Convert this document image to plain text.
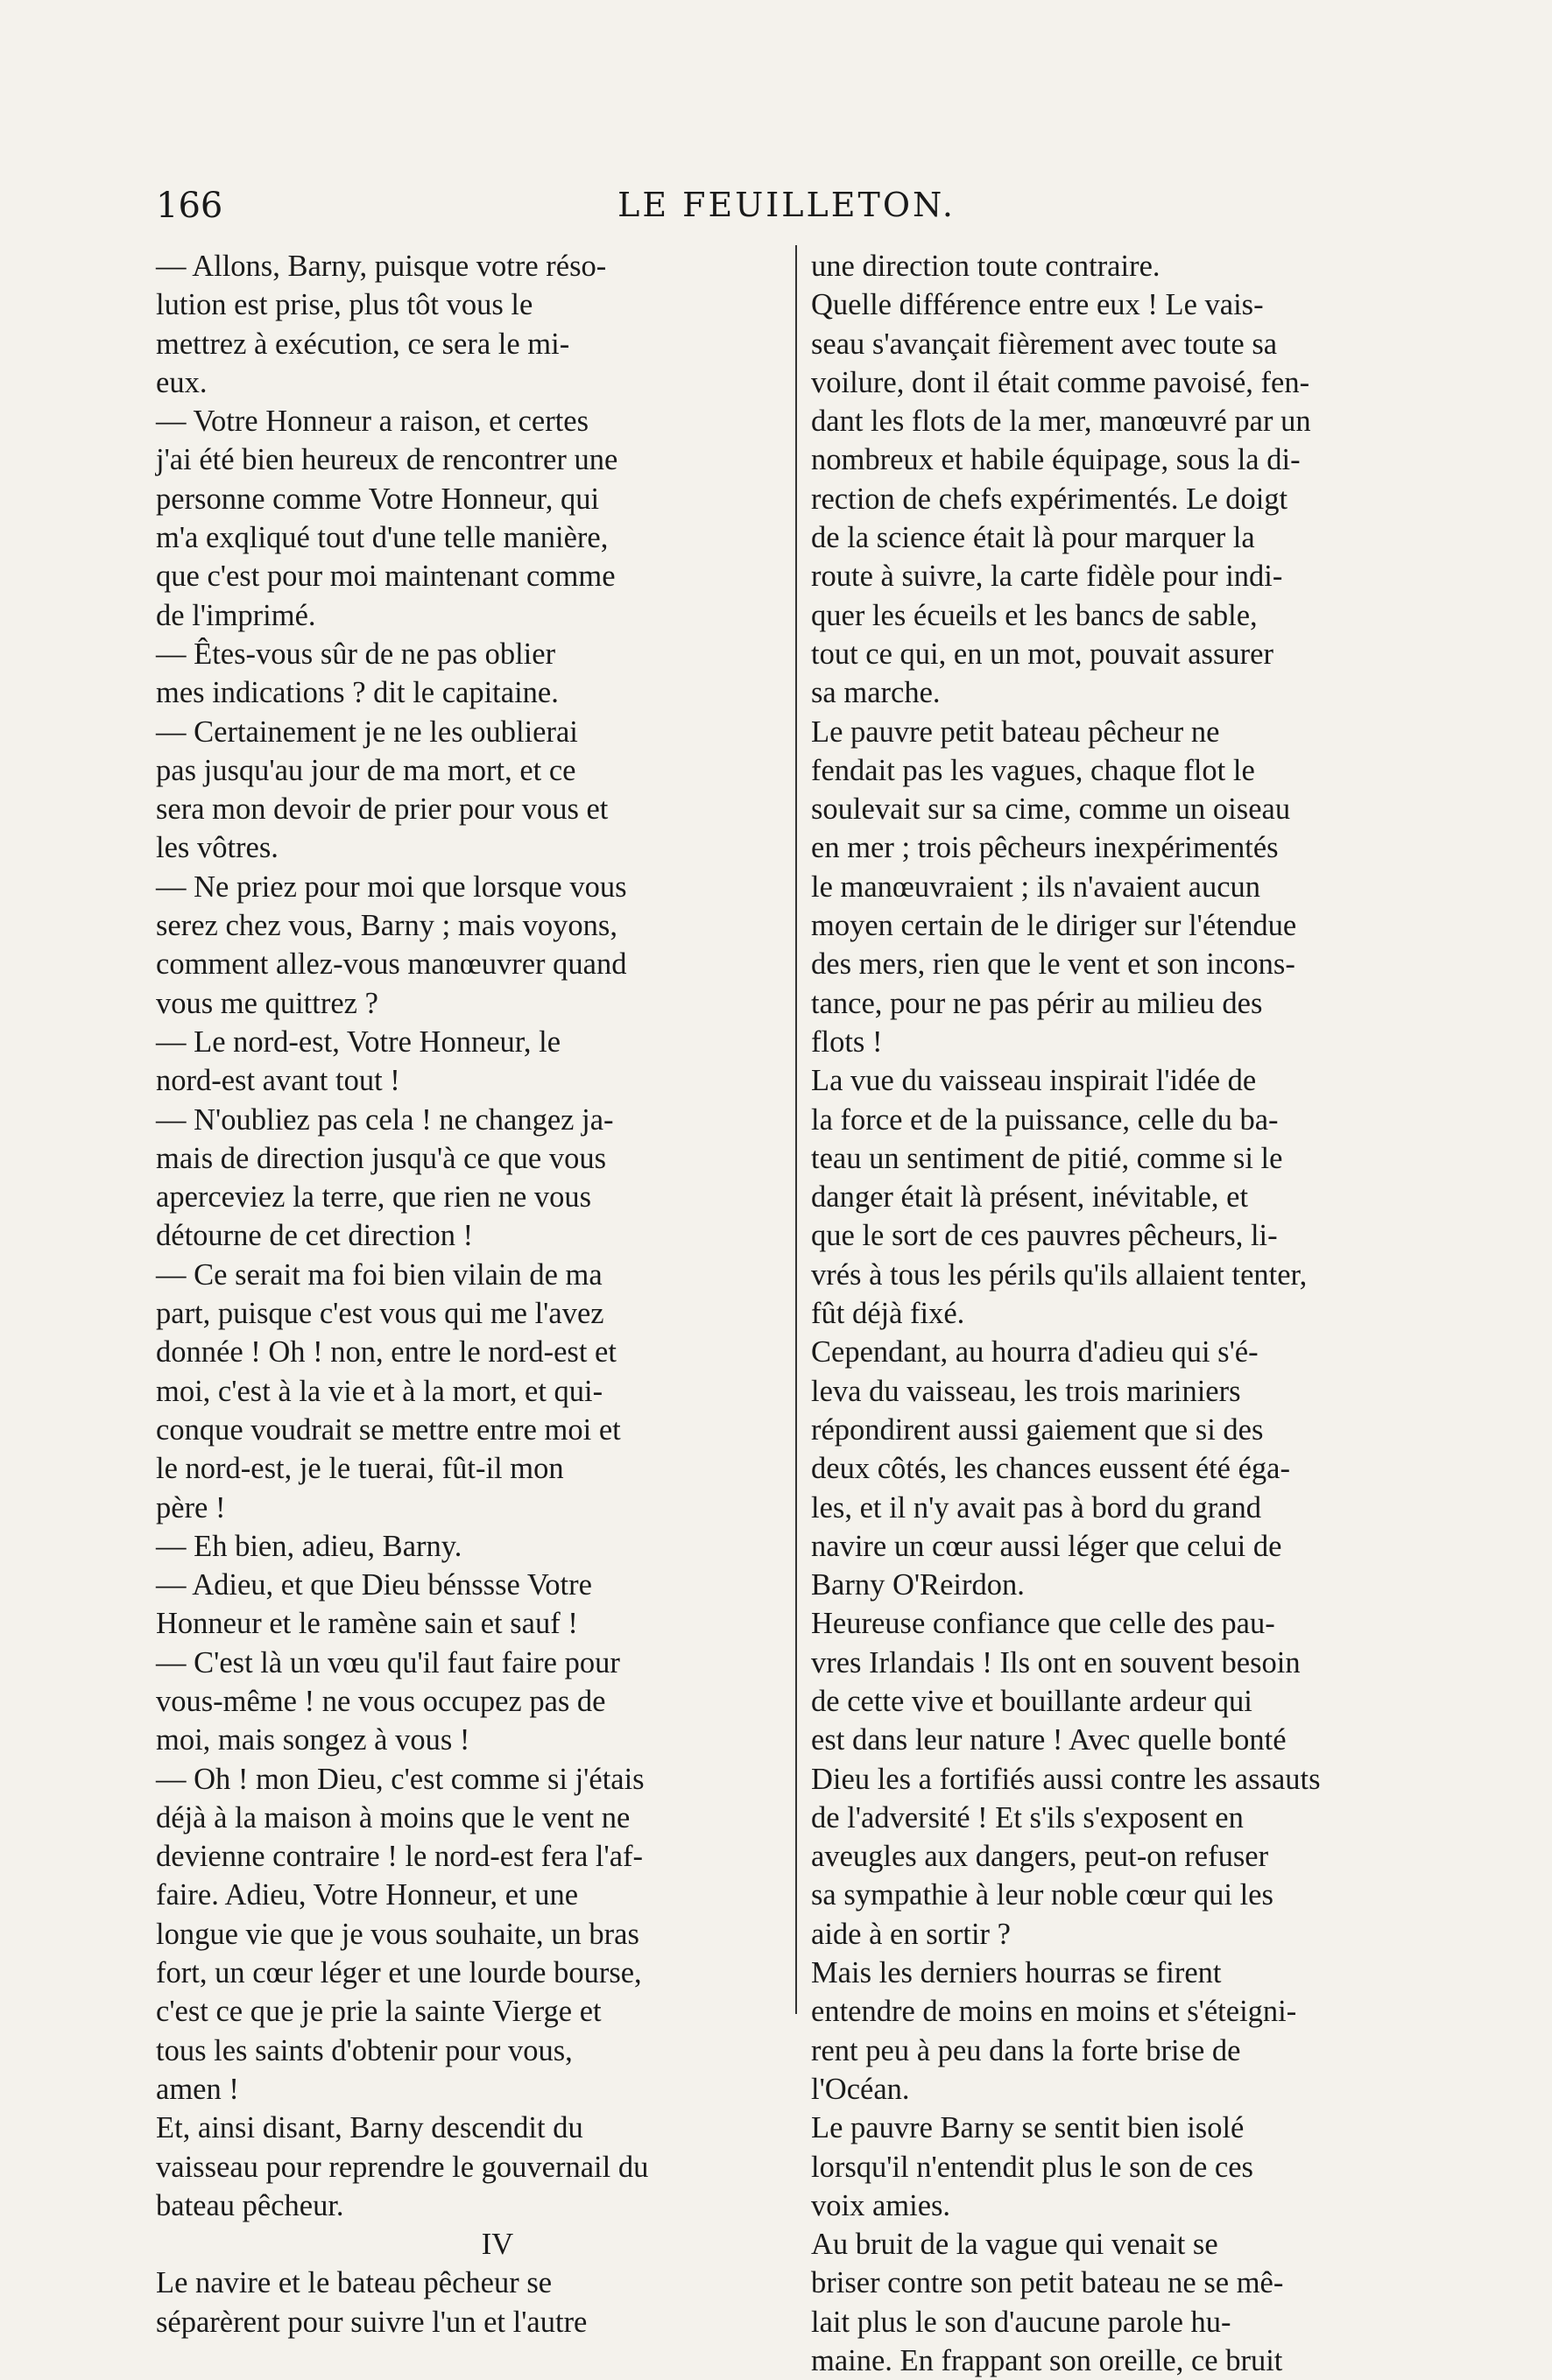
166	LE FEUILLETON.
— Allons, Barny, puisque votre réso-
lution est prise, plus tôt vous le
mettrez à exécution, ce sera le mi-
eux.
— Votre Honneur a raison, et certes
j'ai été bien heureux de rencontrer une
personne comme Votre Honneur, qui
m'a exqliqué tout d'une telle manière,
que c'est pour moi maintenant comme
de l'imprimé.
— Êtes-vous sûr de ne pas oblier
mes indications ? dit le capitaine.
— Certainement je ne les oublierai
pas jusqu'au jour de ma mort, et ce
sera mon devoir de prier pour vous et
les vôtres.
— Ne priez pour moi que lorsque vous
serez chez vous, Barny ; mais voyons,
comment allez-vous manœuvrer quand
vous me quittrez ?
— Le nord-est, Votre Honneur, le
nord-est avant tout !
— N'oubliez pas cela ! ne changez ja-
mais de direction jusqu'à ce que vous
aperceviez la terre, que rien ne vous
détourne de cet direction !
— Ce serait ma foi bien vilain de ma
part, puisque c'est vous qui me l'avez
donnée ! Oh ! non, entre le nord-est et
moi, c'est à la vie et à la mort, et qui-
conque voudrait se mettre entre moi et
le nord-est, je le tuerai, fût-il mon
père !
— Eh bien, adieu, Barny.
— Adieu, et que Dieu bénssse Votre
Honneur et le ramène sain et sauf !
— C'est là un vœu qu'il faut faire pour
vous-même ! ne vous occupez pas de
moi, mais songez à vous !
— Oh ! mon Dieu, c'est comme si j'étais
déjà à la maison à moins que le vent ne
devienne contraire ! le nord-est fera l'af-
faire. Adieu, Votre Honneur, et une
longue vie que je vous souhaite, un bras
fort, un cœur léger et une lourde bourse,
c'est ce que je prie la sainte Vierge et
tous les saints d'obtenir pour vous,
amen !
Et, ainsi disant, Barny descendit du
vaisseau pour reprendre le gouvernail du
bateau pêcheur.
IV
Le navire et le bateau pêcheur se
séparèrent pour suivre l'un et l'autre
une direction toute contraire.
Quelle différence entre eux ! Le vais-
seau s'avançait fièrement avec toute sa
voilure, dont il était comme pavoisé, fen-
dant les flots de la mer, manœuvré par un
nombreux et habile équipage, sous la di-
rection de chefs expérimentés. Le doigt
de la science était là pour marquer la
route à suivre, la carte fidèle pour indi-
quer les écueils et les bancs de sable,
tout ce qui, en un mot, pouvait assurer
sa marche.
Le pauvre petit bateau pêcheur ne
fendait pas les vagues, chaque flot le
soulevait sur sa cime, comme un oiseau
en mer ; trois pêcheurs inexpérimentés
le manœuvraient ; ils n'avaient aucun
moyen certain de le diriger sur l'étendue
des mers, rien que le vent et son incons-
tance, pour ne pas périr au milieu des
flots !
La vue du vaisseau inspirait l'idée de
la force et de la puissance, celle du ba-
teau un sentiment de pitié, comme si le
danger était là présent, inévitable, et
que le sort de ces pauvres pêcheurs, li-
vrés à tous les périls qu'ils allaient tenter,
fût déjà fixé.
Cependant, au hourra d'adieu qui s'é-
leva du vaisseau, les trois mariniers
répondirent aussi gaiement que si des
deux côtés, les chances eussent été éga-
les, et il n'y avait pas à bord du grand
navire un cœur aussi léger que celui de
Barny O'Reirdon.
Heureuse confiance que celle des pau-
vres Irlandais ! Ils ont en souvent besoin
de cette vive et bouillante ardeur qui
est dans leur nature ! Avec quelle bonté
Dieu les a fortifiés aussi contre les assauts
de l'adversité ! Et s'ils s'exposent en
aveugles aux dangers, peut-on refuser
sa sympathie à leur noble cœur qui les
aide à en sortir ?
Mais les derniers hourras se firent
entendre de moins en moins et s'éteigni-
rent peu à peu dans la forte brise de
l'Océan.
Le pauvre Barny se sentit bien isolé
lorsqu'il n'entendit plus le son de ces
voix amies.
Au bruit de la vague qui venait se
briser contre son petit bateau ne se mê-
lait plus le son d'aucune parole hu-
maine. En frappant son oreille, ce bruit
